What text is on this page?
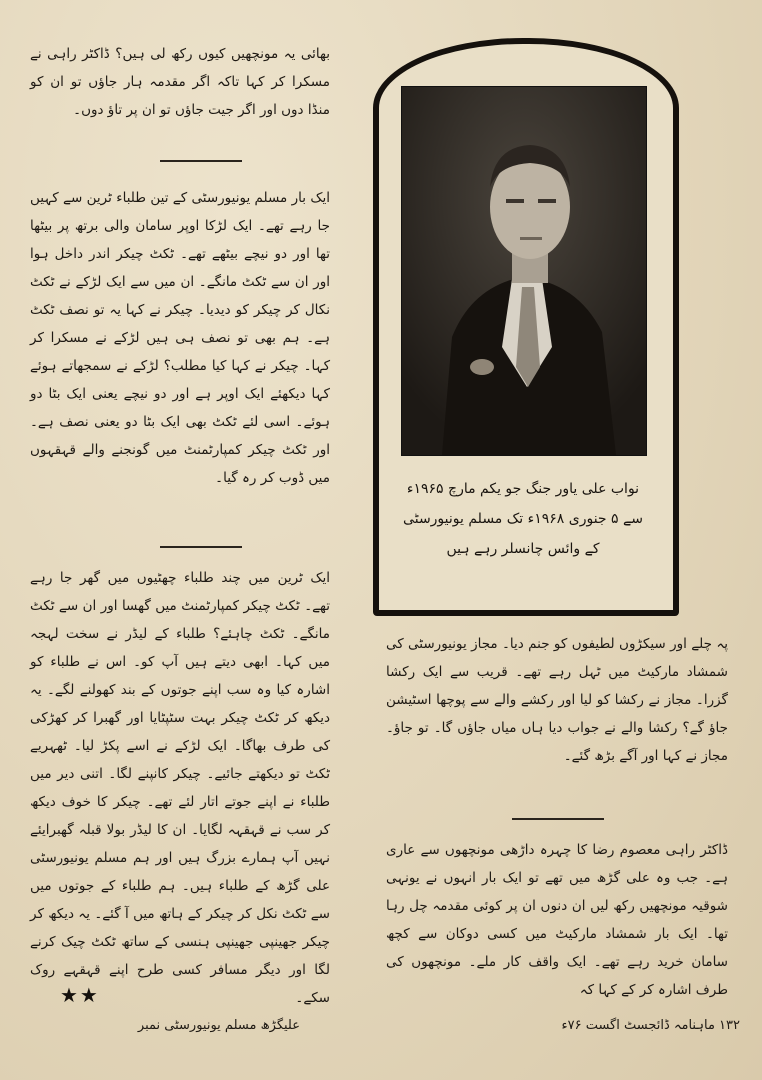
بھائی یہ مونچھیں کیوں رکھ لی ہیں؟ ڈاکٹر راہی نے مسکرا کر کہا تاکہ اگر مقدمہ ہار جاؤں تو ان کو منڈا دوں اور اگر جیت جاؤں تو ان پر تاؤ دوں۔

ایک بار مسلم یونیورسٹی کے تین طلباء ٹرین سے کہیں جا رہے تھے۔ ایک لڑکا اوپر سامان والی برتھ پر بیٹھا تھا اور دو نیچے بیٹھے تھے۔ ٹکٹ چیکر اندر داخل ہوا اور ان سے ٹکٹ مانگے۔ ان میں سے ایک لڑکے نے ٹکٹ نکال کر چیکر کو دیدیا۔ چیکر نے کہا یہ تو نصف ٹکٹ ہے۔ ہم بھی تو نصف ہی ہیں لڑکے نے مسکرا کر کہا۔ چیکر نے کہا کیا مطلب؟ لڑکے نے سمجھاتے ہوئے کہا دیکھئے ایک اوپر ہے اور دو نیچے یعنی ایک بٹا دو ہوئے۔ اسی لئے ٹکٹ بھی ایک بٹا دو یعنی نصف ہے۔ اور ٹکٹ چیکر کمپارٹمنٹ میں گونجنے والے قہقہوں میں ڈوب کر رہ گیا۔

ایک ٹرین میں چند طلباء چھٹیوں میں گھر جا رہے تھے۔ ٹکٹ چیکر کمپارٹمنٹ میں گھسا اور ان سے ٹکٹ مانگے۔ ٹکٹ چاہئے؟ طلباء کے لیڈر نے سخت لہجہ میں کہا۔ ابھی دیتے ہیں آپ کو۔ اس نے طلباء کو اشارہ کیا وہ سب اپنے جوتوں کے بند کھولنے لگے۔ یہ دیکھ کر ٹکٹ چیکر بہت سٹپٹایا اور گھبرا کر کھڑکی کی طرف بھاگا۔ ایک لڑکے نے اسے پکڑ لیا۔ ٹھہریے ٹکٹ تو دیکھتے جائیے۔ چیکر کانپنے لگا۔ اتنی دیر میں طلباء نے اپنے جوتے اتار لئے تھے۔ چیکر کا خوف دیکھ کر سب نے قہقہہ لگایا۔ ان کا لیڈر بولا قبلہ گھبرایئے نہیں آپ ہمارے بزرگ ہیں اور ہم مسلم یونیورسٹی علی گڑھ کے طلباء ہیں۔ ہم طلباء کے جوتوں میں سے ٹکٹ نکل کر چیکر کے ہاتھ میں آ گئے۔ یہ دیکھ کر چیکر جھینپی جھینپی ہنسی کے ساتھ ٹکٹ چیک کرنے لگا اور دیگر مسافر کسی طرح اپنے قہقہے روک سکے۔

نواب علی یاور جنگ جو یکم مارچ ۱۹۶۵ء سے ۵ جنوری ۱۹۶۸ء تک مسلم یونیورسٹی کے وائس چانسلر رہے ہیں

پہ چلے اور سیکڑوں لطیفوں کو جنم دیا۔ مجاز یونیورسٹی کی شمشاد مارکیٹ میں ٹہل رہے تھے۔ قریب سے ایک رکشا گزرا۔ مجاز نے رکشا کو لیا اور رکشے والے سے پوچھا اسٹیشن جاؤ گے؟ رکشا والے نے جواب دیا ہاں میاں جاؤں گا۔ تو جاؤ۔ مجاز نے کہا اور آگے بڑھ گئے۔

ڈاکٹر راہی معصوم رضا کا چہرہ داڑھی مونچھوں سے عاری ہے۔ جب وہ علی گڑھ میں تھے تو ایک بار انہوں نے یونہی شوقیہ مونچھیں رکھ لیں ان دنوں ان پر کوئی مقدمہ چل رہا تھا۔ ایک بار شمشاد مارکیٹ میں کسی دوکان سے کچھ سامان خرید رہے تھے۔ ایک واقف کار ملے۔ مونچھوں کی طرف اشارہ کر کے کہا کہ

★★
علیگڑھ مسلم یونیورسٹی نمبر	۱۳۲ ماہنامہ ڈائجسٹ اگست ۷۶ء
